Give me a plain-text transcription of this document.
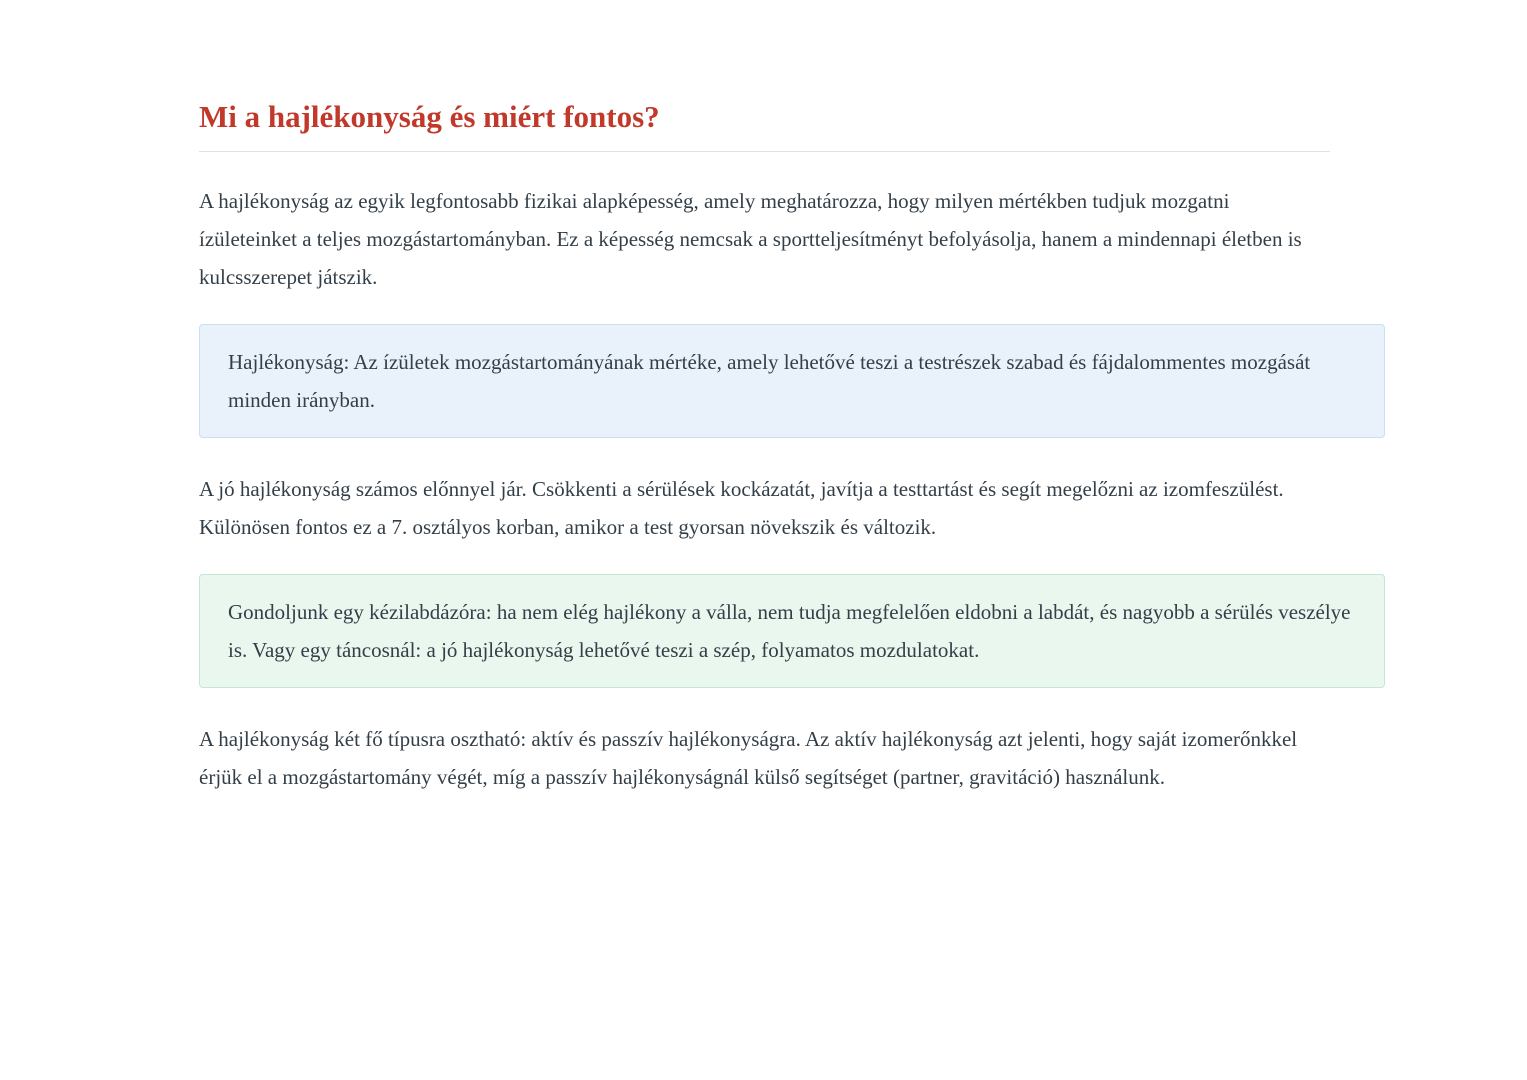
Mi a hajlékonyság és miért fontos?

A hajlékonyság az egyik legfontosabb fizikai alapképesség, amely meghatározza, hogy milyen mértékben tudjuk mozgatni ízületeinket a teljes mozgástartományban. Ez a képesség nemcsak a sportteljesítményt befolyásolja, hanem a mindennapi életben is kulcsszerepet játszik.

Hajlékonyság: Az ízületek mozgástartományának mértéke, amely lehetővé teszi a testrészek szabad és fájdalommentes mozgását minden irányban.

A jó hajlékonyság számos előnnyel jár. Csökkenti a sérülések kockázatát, javítja a testtartást és segít megelőzni az izomfeszülést. Különösen fontos ez a 7. osztályos korban, amikor a test gyorsan növekszik és változik.

Gondoljunk egy kézilabdázóra: ha nem elég hajlékony a válla, nem tudja megfelelően eldobni a labdát, és nagyobb a sérülés veszélye is. Vagy egy táncosnál: a jó hajlékonyság lehetővé teszi a szép, folyamatos mozdulatokat.

A hajlékonyság két fő típusra osztható: aktív és passzív hajlékonyságra. Az aktív hajlékonyság azt jelenti, hogy saját izomerőnkkel érjük el a mozgástartomány végét, míg a passzív hajlékonyságnál külső segítséget (partner, gravitáció) használunk.
